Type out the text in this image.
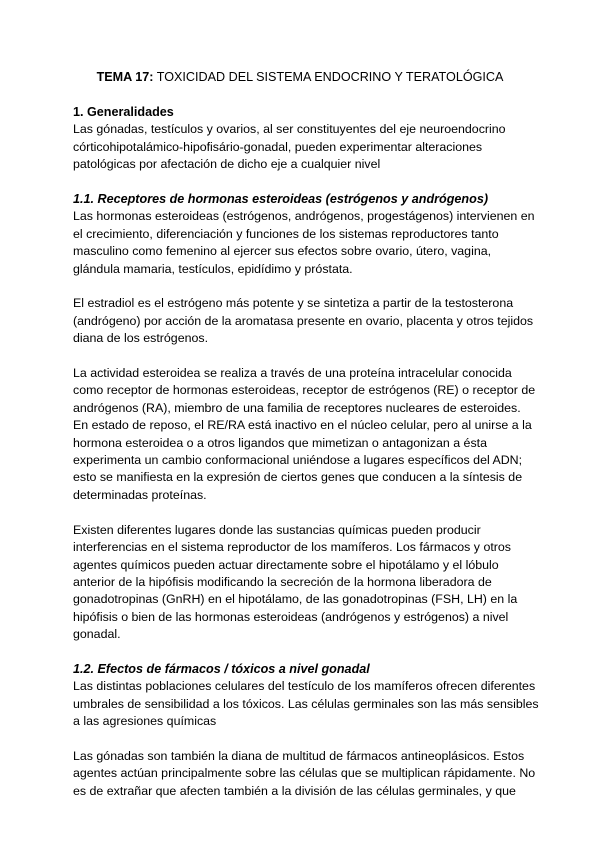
TEMA 17: TOXICIDAD DEL SISTEMA ENDOCRINO Y TERATOLÓGICA
1. Generalidades

Las gónadas, testículos y ovarios, al ser constituyentes del eje neuroendocrino
córticohipotalámico-hipofisário-gonadal, pueden experimentar alteraciones
patológicas por afectación de dicho eje a cualquier nivel

1.1. Receptores de hormonas esteroideas (estrógenos y andrógenos)

Las hormonas esteroideas (estrógenos, andrógenos, progestágenos) intervienen en
el crecimiento, diferenciación y funciones de los sistemas reproductores tanto
masculino como femenino al ejercer sus efectos sobre ovario, útero, vagina,
glándula mamaria, testículos, epidídimo y próstata.

El estradiol es el estrógeno más potente y se sintetiza a partir de la testosterona
(andrógeno) por acción de la aromatasa presente en ovario, placenta y otros tejidos
diana de los estrógenos.

La actividad esteroidea se realiza a través de una proteína intracelular conocida
como receptor de hormonas esteroideas, receptor de estrógenos (RE) o receptor de
andrógenos (RA), miembro de una familia de receptores nucleares de esteroides.
En estado de reposo, el RE/RA está inactivo en el núcleo celular, pero al unirse a la
hormona esteroidea o a otros ligandos que mimetizan o antagonizan a ésta
experimenta un cambio conformacional uniéndose a lugares específicos del ADN;
esto se manifiesta en la expresión de ciertos genes que conducen a la síntesis de
determinadas proteínas.

Existen diferentes lugares donde las sustancias químicas pueden producir
interferencias en el sistema reproductor de los mamíferos. Los fármacos y otros
agentes químicos pueden actuar directamente sobre el hipotálamo y el lóbulo
anterior de la hipófisis modificando la secreción de la hormona liberadora de
gonadotropinas (GnRH) en el hipotálamo, de las gonadotropinas (FSH, LH) en la
hipófisis o bien de las hormonas esteroideas (andrógenos y estrógenos) a nivel
gonadal.

1.2. Efectos de fármacos / tóxicos a nivel gonadal

Las distintas poblaciones celulares del testículo de los mamíferos ofrecen diferentes
umbrales de sensibilidad a los tóxicos. Las células germinales son las más sensibles
a las agresiones químicas

Las gónadas son también la diana de multitud de fármacos antineoplásicos. Estos
agentes actúan principalmente sobre las células que se multiplican rápidamente. No
es de extrañar que afecten también a la división de las células germinales, y que
